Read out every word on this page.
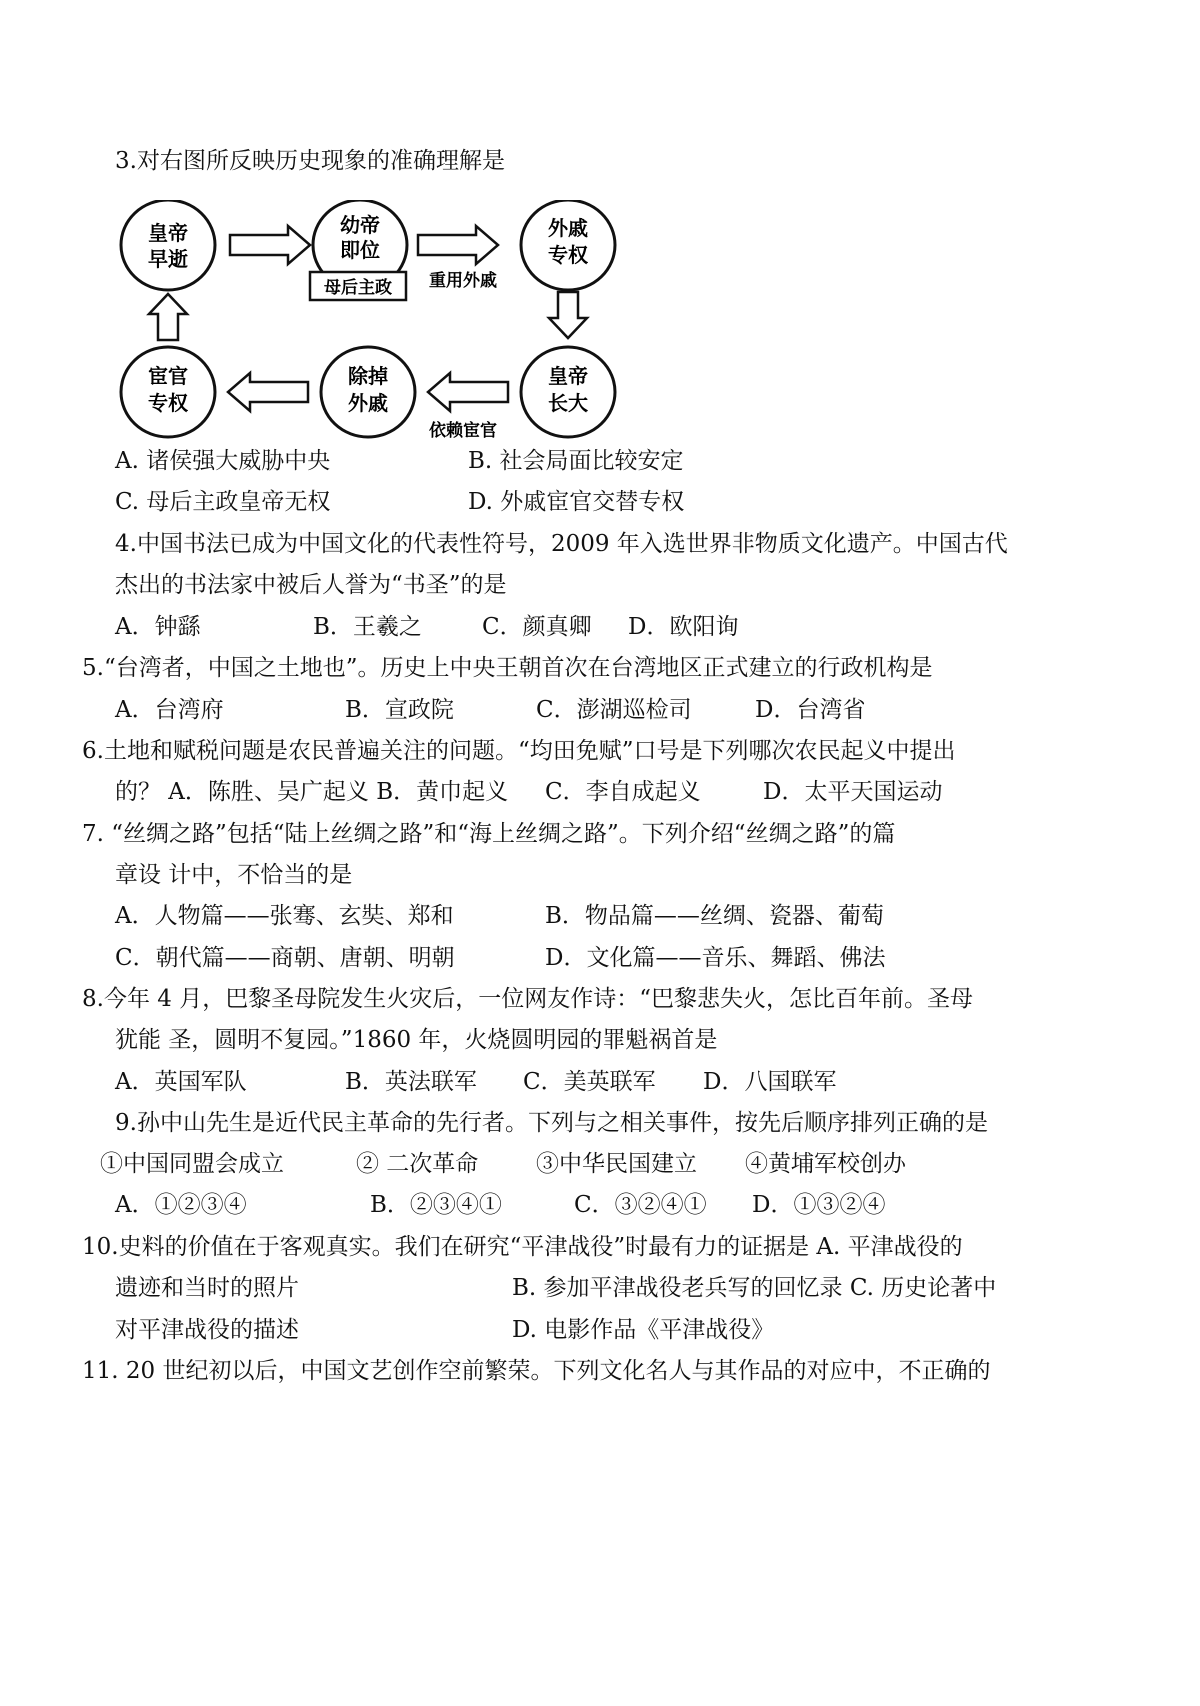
3.对右图所反映历史现象的准确理解是
皇帝
早逝
幼帝
即位
外戚
专权
皇帝
长大
除掉
外戚
宦官
专权
母后主政 重用外戚
依赖宦官
A. 诸侯强大威胁中央	B. 社会局面比较安定
C. 母后主政皇帝无权	D. 外戚宦官交替专权
4.中国书法已成为中国文化的代表性符号，2009 年入选世界非物质文化遗产。中国古代
杰出的书法家中被后人誉为“书圣”的是
A．钟繇	B．王羲之	C．颜真卿 D．欧阳询
5.“台湾者，中国之土地也”。历史上中央王朝首次在台湾地区正式建立的行政机构是
A．台湾府	B．宣政院	C．澎湖巡检司	D．台湾省
6.土地和赋税问题是农民普遍关注的问题。“均田免赋”口号是下列哪次农民起义中提出
的？ A．陈胜、吴广起义 B．黄巾起义 C．李自成起义	D．太平天国运动
7. “丝绸之路”包括“陆上丝绸之路”和“海上丝绸之路”。下列介绍“丝绸之路”的篇
章设 计中，不恰当的是
A．人物篇——张骞、玄奘、郑和	B．物品篇——丝绸、瓷器、葡萄
C．朝代篇——商朝、唐朝、明朝	D．文化篇——音乐、舞蹈、佛法
8.今年 4 月，巴黎圣母院发生火灾后，一位网友作诗：“巴黎悲失火，怎比百年前。圣母
犹能 圣，圆明不复园。”1860 年，火烧圆明园的罪魁祸首是
A．英国军队	B．英法联军 C．美英联军 D．八国联军
9.孙中山先生是近代民主革命的先行者。下列与之相关事件，按先后顺序排列正确的是
①中国同盟会成立	② 二次革命	③中华民国建立 ④黄埔军校创办
A．①②③④	B．②③④①	C．③②④① D．①③②④
10.史料的价值在于客观真实。我们在研究“平津战役”时最有力的证据是 A. 平津战役的
遗迹和当时的照片	B. 参加平津战役老兵写的回忆录 C. 历史论著中
对平津战役的描述	D. 电影作品《平津战役》
11. 20 世纪初以后，中国文艺创作空前繁荣。下列文化名人与其作品的对应中，不正确的
